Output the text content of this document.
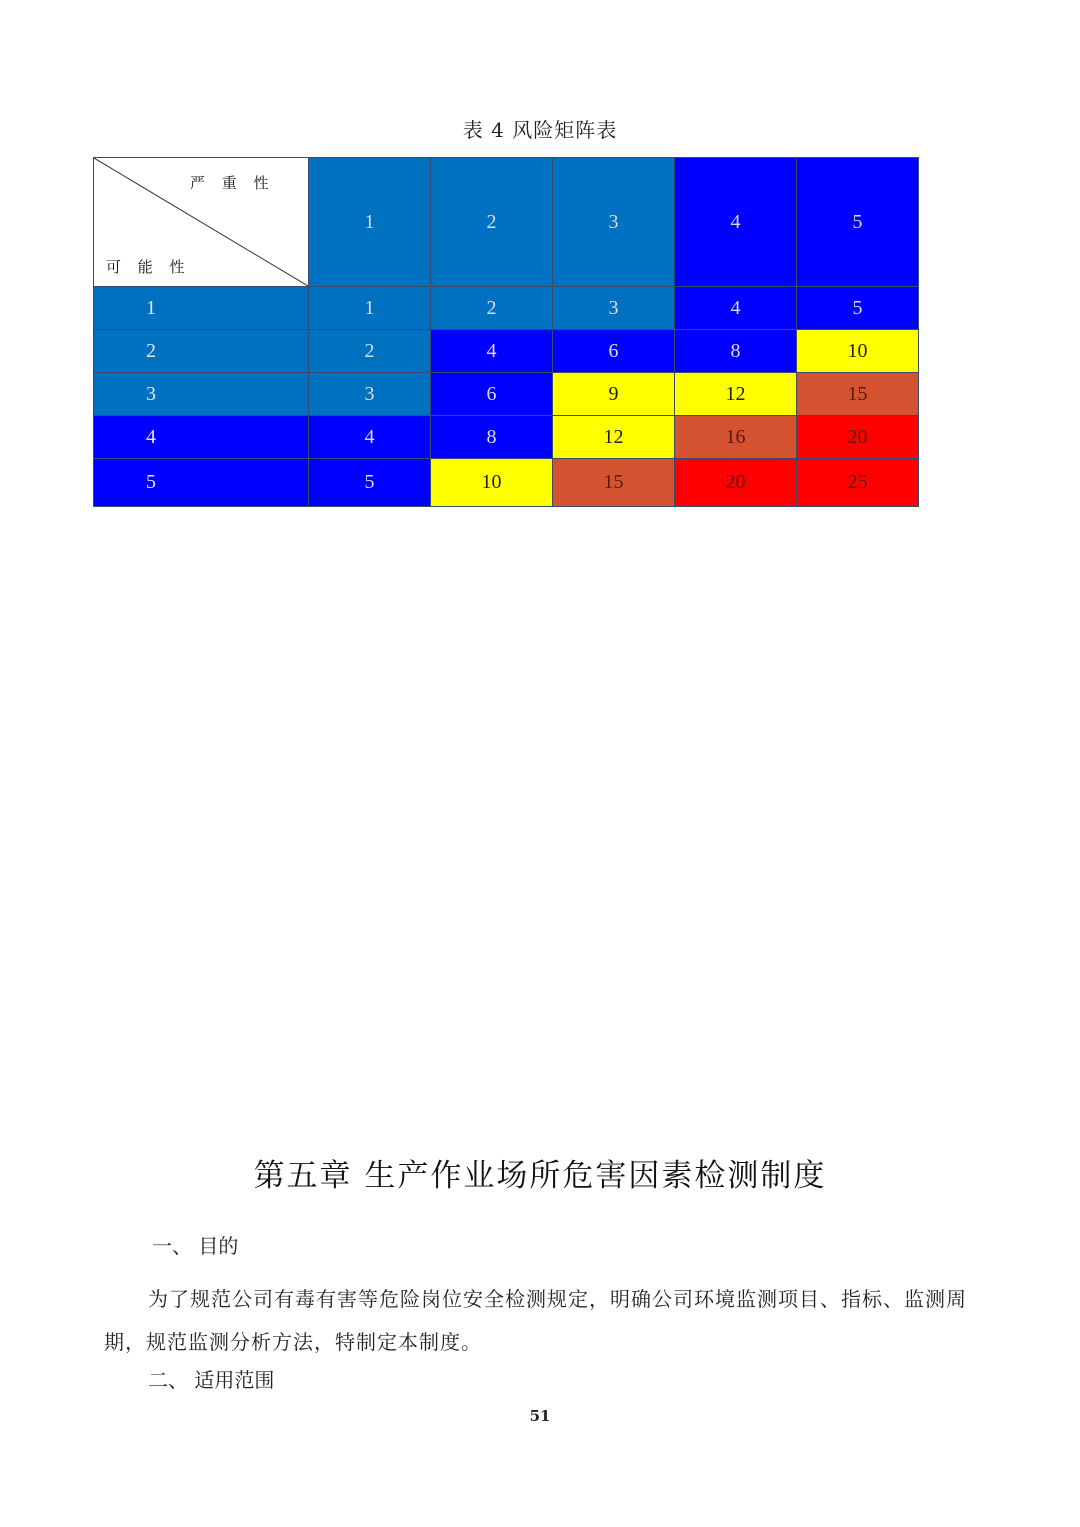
表 4 风险矩阵表
严 重 性
可 能 性	1	2	3	4	5
1	1	2	3	4	5
2	2	4	6	8	10
3	3	6	9	12	15
4	4	8	12	16	20
5	5	10	15	20	25
第五章 生产作业场所危害因素检测制度
一、 目的
为了规范公司有毒有害等危险岗位安全检测规定，明确公司环境监测项目、指标、监测周期，规范监测分析方法，特制定本制度。
二、 适用范围
51
